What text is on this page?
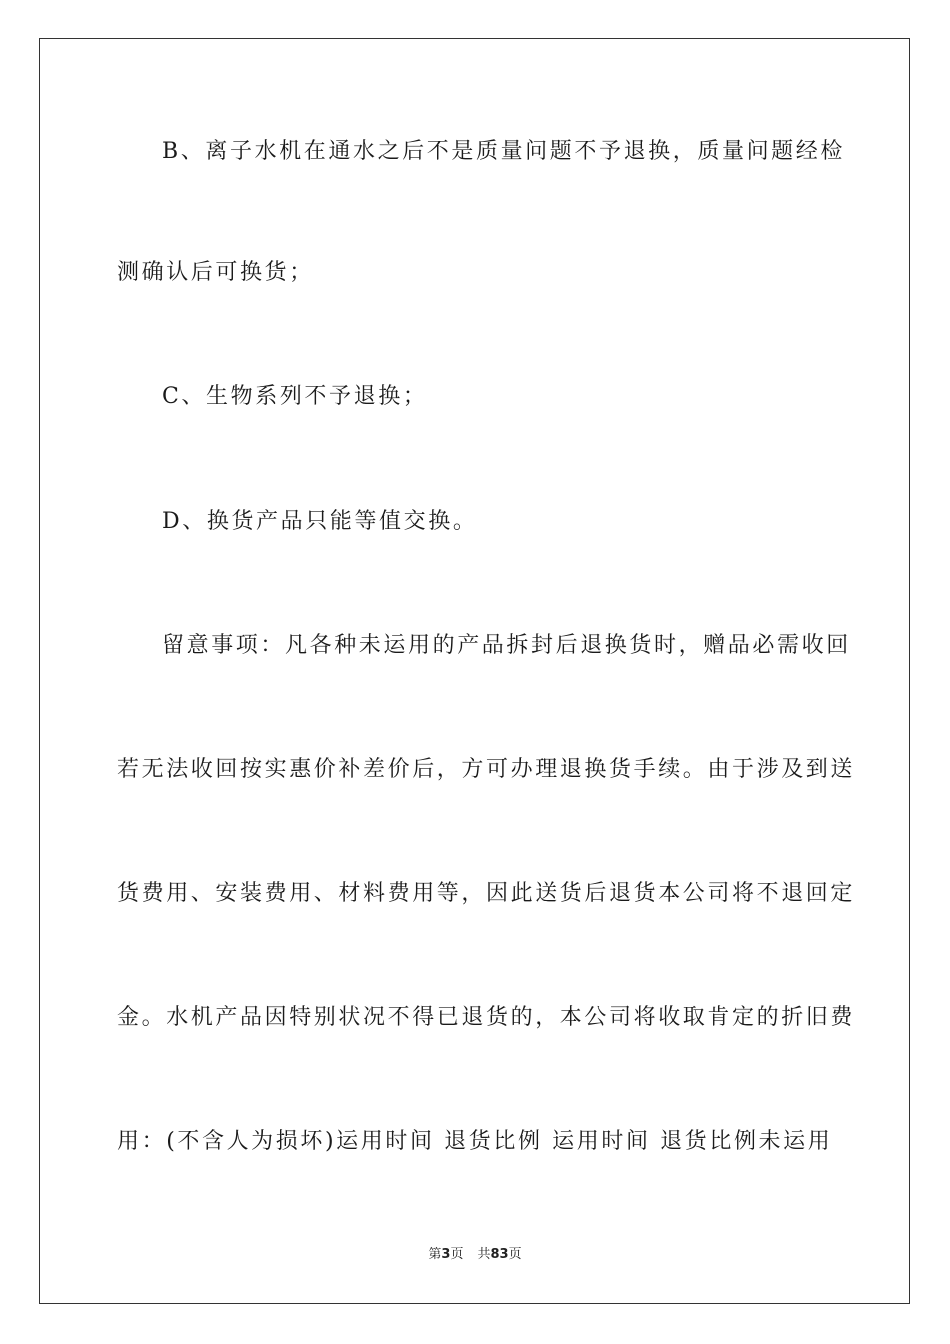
B、离子水机在通水之后不是质量问题不予退换，质量问题经检
测确认后可换货；
C、生物系列不予退换；
D、换货产品只能等值交换。
留意事项：凡各种未运用的产品拆封后退换货时，赠品必需收回
若无法收回按实惠价补差价后，方可办理退换货手续。由于涉及到送
货费用、安装费用、材料费用等，因此送货后退货本公司将不退回定
金。水机产品因特别状况不得已退货的，本公司将收取肯定的折旧费
用：(不含人为损坏)运用时间 退货比例 运用时间 退货比例未运用
第3页 共83页
